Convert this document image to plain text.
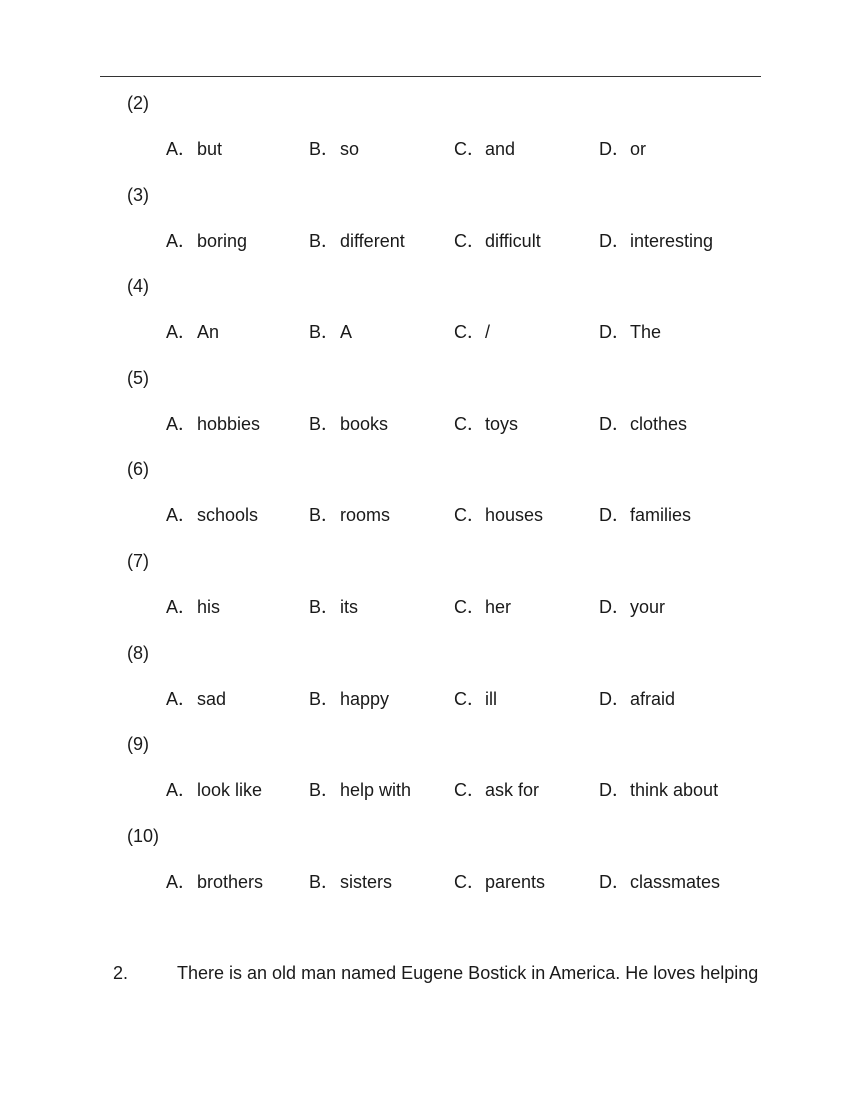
(2)
A．but	B．so	C．and	D．or
(3)
A．boring	B．different	C．difficult	D．interesting
(4)
A．An	B．A	C．/	D．The
(5)
A．hobbies	B．books	C．toys	D．clothes
(6)
A．schools	B．rooms	C．houses	D．families
(7)
A．his	B．its	C．her	D．your
(8)
A．sad	B．happy	C．ill	D．afraid
(9)
A．look like	B．help with C．ask for	D．think about
(10)
A．brothers	B．sisters	C．parents	D．classmates
2.	There is an old man named Eugene Bostick in America. He loves helping
